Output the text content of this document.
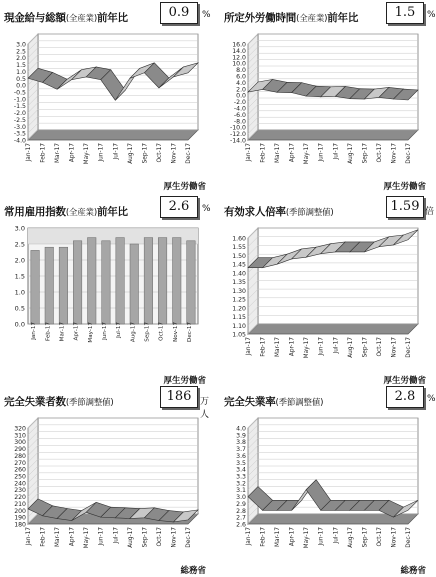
現金給与総額(全産業)前年比	0.9	%
3.0
2.5
2.0
1.5
1.0
0.5
0.0
-0.5
-1.0
-1.5
-2.0
-2.5
-3.0
-3.5
-4.0
Jan-17 Feb-17 Mar-17 Apr-17 May-17 Jun-17 Jul-17 Aug-17 Sep-17 Oct-17 Nov-17 Dec-17
厚生労働省
所定外労働時間(全産業)前年比	1.5	%
16.0
14.0
12.0
10.0
8.0
6.0
4.0
2.0
0.0
-2.0
-4.0
-6.0
-8.0
-10.0
-12.0
-14.0
Jan-17 Feb-17 Mar-17 Apr-17 May-17 Jun-17 Jul-17 Aug-17 Sep-17 Oct-17 Nov-17 Dec-17
厚生労働省
常用雇用指数(全産業)前年比	2.6	%
3.0
2.5
2.0
1.5
1.0
0.5
0.0 Jan-17 Feb-17 Mar-17 Apr-17 May-17 Jun-17 Jul-17 Aug-17 Sep-17 Oct-17 Nov-17 Dec-17
厚生労働省
有効求人倍率(季節調整値)	1.59 倍
1.60
1.55
1.50
1.45
1.40
1.35
1.30
1.25
1.20
1.15
1.10
1.05
Jan-17 Feb-17 Mar-17 Apr-17 May-17 Jun-17 Jul-17 Aug-17 Sep-17 Oct-17 Nov-17 Dec-17
厚生労働省
完全失業者数(季節調整値)	186 万人
320
310
300
290
280
270
260
250
240
230
220
210
200
190
180
Jan-17 Feb-17 Mar-17 Apr-17 May-17 Jun-17 Jul-17 Aug-17 Sep-17 Oct-17 Nov-17 Dec-17
総務省
完全失業率(季節調整値)	2.8	%
4.0
3.9
3.8
3.7
3.6
3.5
3.4
3.3
3.2
3.1
3.0
2.9
2.8
2.7
2.6
Jan-17 Feb-17 Mar-17 Apr-17 May-17 Jun-17 Jul-17 Aug-17 Sep-17 Oct-17 Nov-17 Dec-17
総務省
